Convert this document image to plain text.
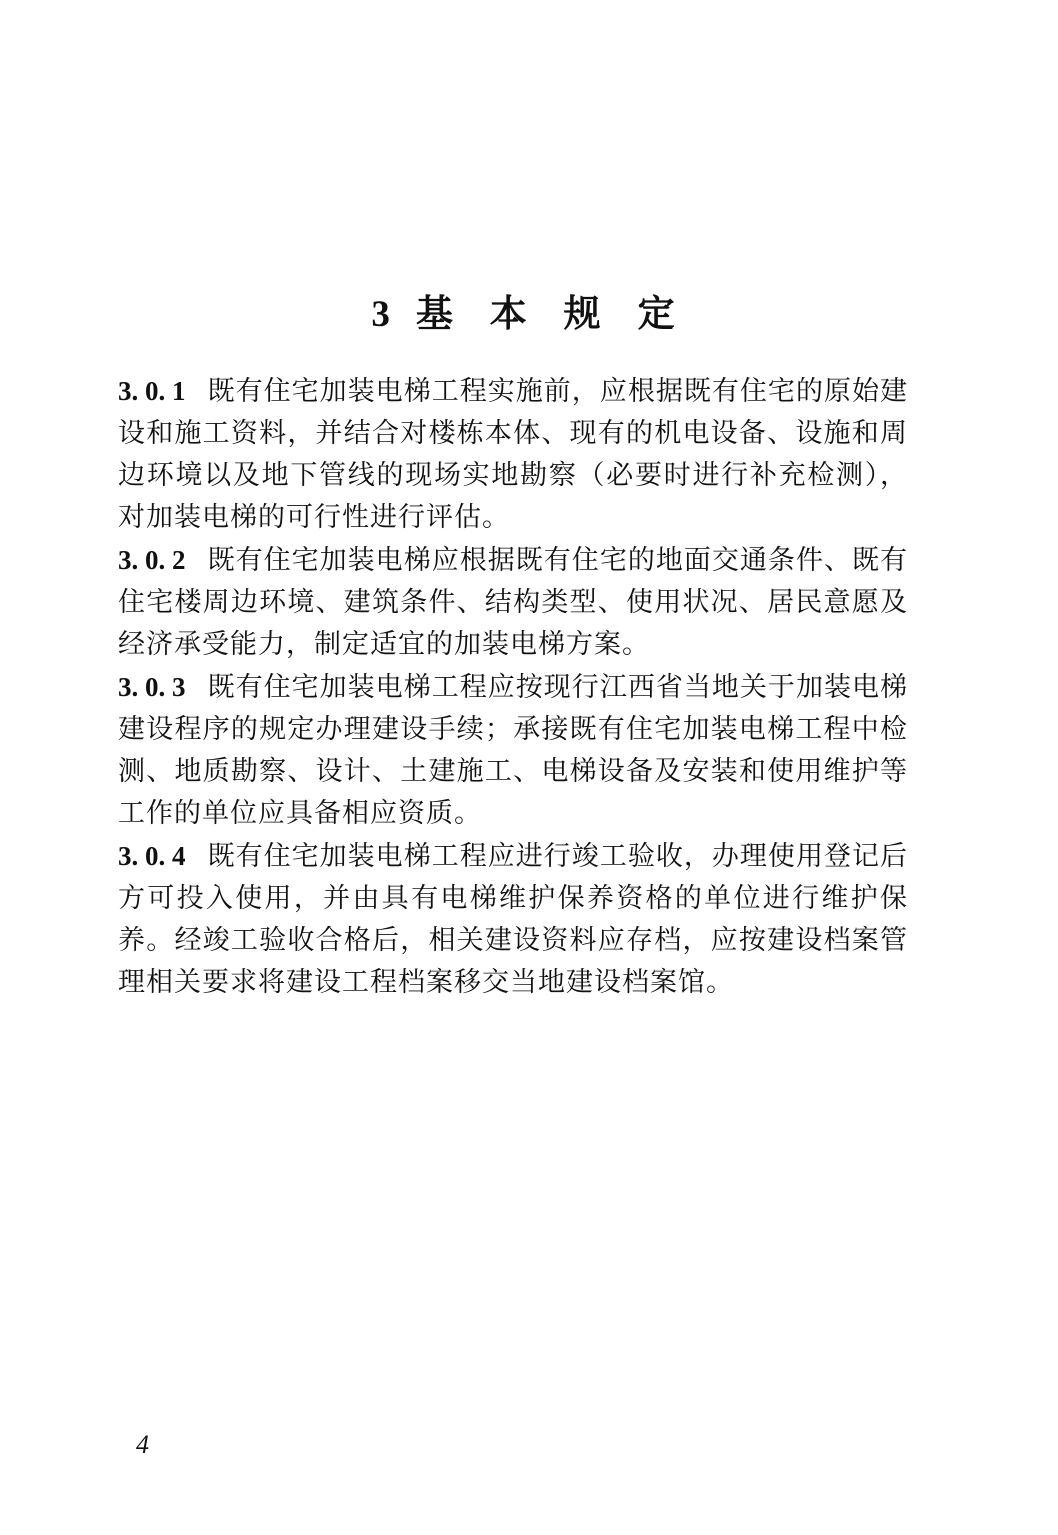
3 基 本 规 定

3. 0. 1 既有住宅加装电梯工程实施前，应根据既有住宅的原始建设和施工资料，并结合对楼栋本体、现有的机电设备、设施和周边环境以及地下管线的现场实地勘察（必要时进行补充检测），对加装电梯的可行性进行评估。

3. 0. 2 既有住宅加装电梯应根据既有住宅的地面交通条件、既有住宅楼周边环境、建筑条件、结构类型、使用状况、居民意愿及经济承受能力，制定适宜的加装电梯方案。

3. 0. 3 既有住宅加装电梯工程应按现行江西省当地关于加装电梯建设程序的规定办理建设手续；承接既有住宅加装电梯工程中检测、地质勘察、设计、土建施工、电梯设备及安装和使用维护等工作的单位应具备相应资质。

3. 0. 4 既有住宅加装电梯工程应进行竣工验收，办理使用登记后方可投入使用，并由具有电梯维护保养资格的单位进行维护保养。经竣工验收合格后，相关建设资料应存档，应按建设档案管理相关要求将建设工程档案移交当地建设档案馆。

4
